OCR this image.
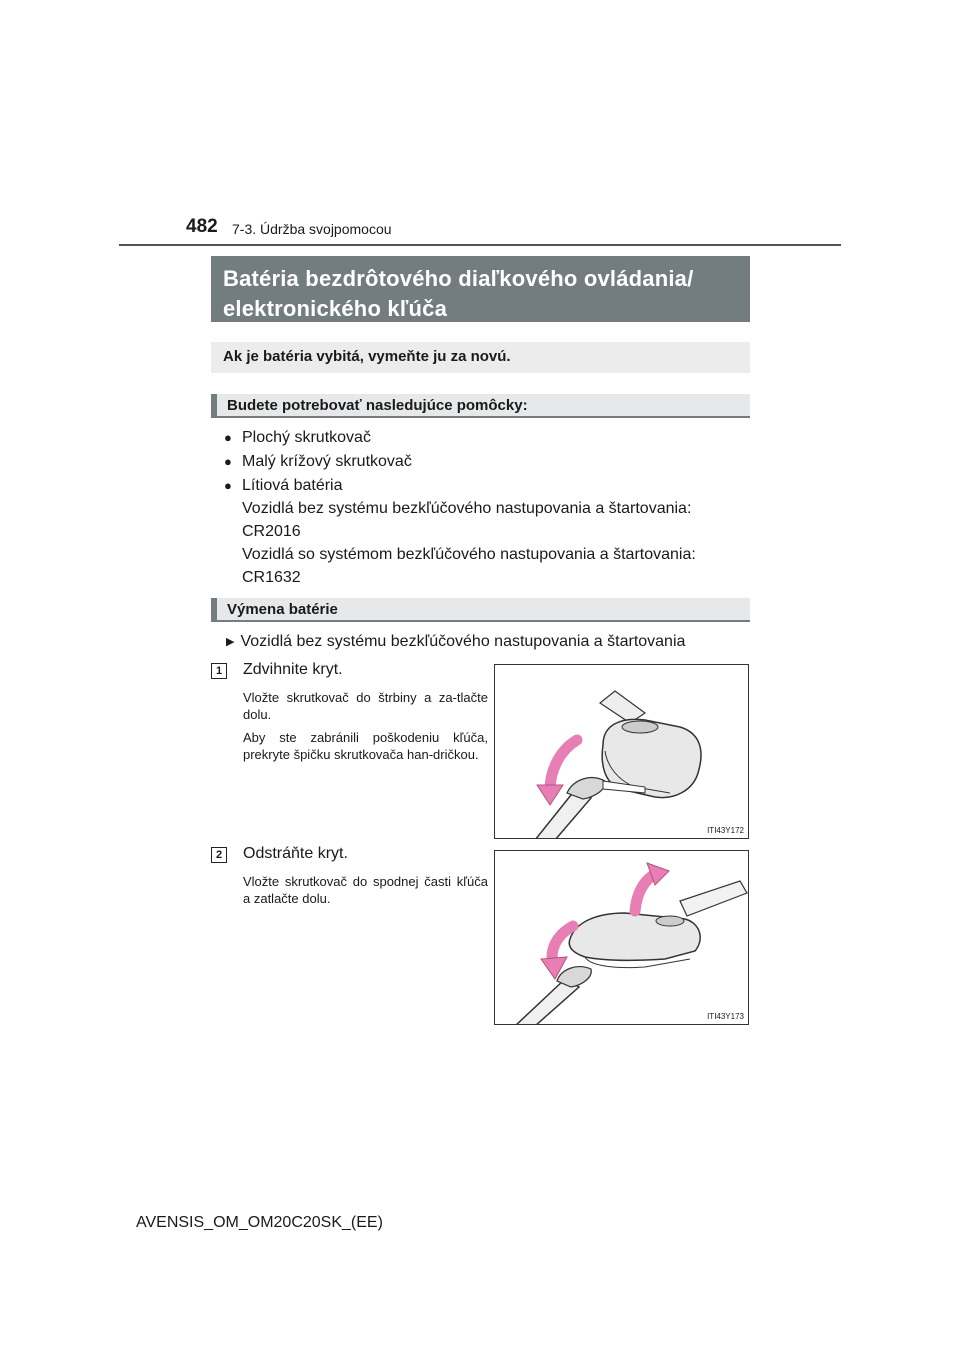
482 7-3. Údržba svojpomocou
Batéria bezdrôtového diaľkového ovládania/ elektronického kľúča
Ak je batéria vybitá, vymeňte ju za novú.
Budete potrebovať nasledujúce pomôcky:
● Plochý skrutkovač
● Malý krížový skrutkovač
● Lítiová batéria
Vozidlá bez systému bezkľúčového nastupovania a štartovania:
CR2016
Vozidlá so systémom bezkľúčového nastupovania a štartovania:
CR1632
Výmena batérie
▶ Vozidlá bez systému bezkľúčového nastupovania a štartovania
1	Zdvihnite kryt.

Vložte skrutkovač do štrbiny a za-tlačte dolu.

Aby ste zabránili poškodeniu kľúča, prekryte špičku skrutkovača han-dričkou.

ITI43Y172
2	Odstráňte kryt.

Vložte skrutkovač do spodnej časti kľúča a zatlačte dolu.

ITI43Y173
AVENSIS_OM_OM20C20SK_(EE)
